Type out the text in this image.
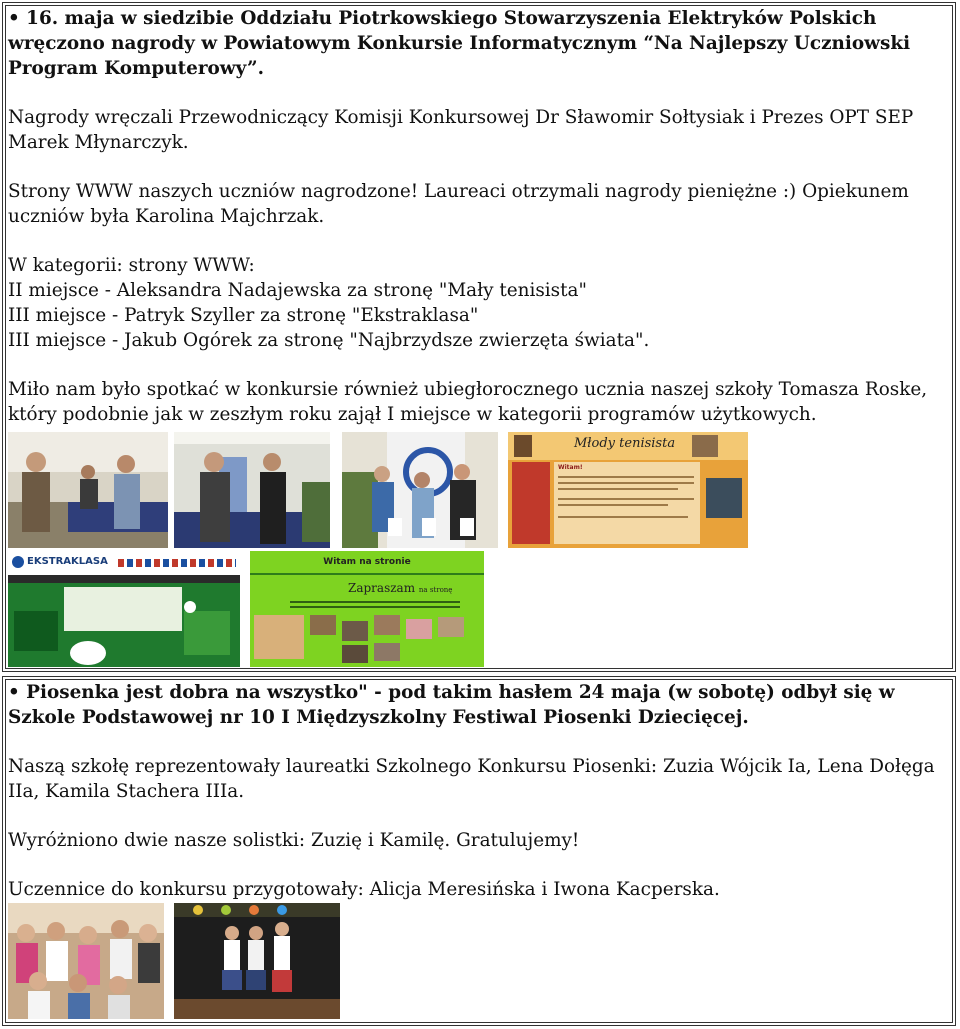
• 16. maja w siedzibie Oddziału Piotrkowskiego Stowarzyszenia Elektryków Polskich wręczono nagrody w Powiatowym Konkursie Informatycznym “Na Najlepszy Uczniowski Program Komputerowy”.

Nagrody wręczali Przewodniczący Komisji Konkursowej Dr Sławomir Sołtysiak i Prezes OPT SEP Marek Młynarczyk.

Strony WWW naszych uczniów nagrodzone! Laureaci otrzymali nagrody pieniężne :) Opiekunem uczniów była Karolina Majchrzak.

W kategorii: strony WWW:
II miejsce - Aleksandra Nadajewska za stronę "Mały tenisista"
III miejsce - Patryk Szyller za stronę "Ekstraklasa"
III miejsce - Jakub Ogórek za stronę "Najbrzydsze zwierzęta świata".

Miło nam było spotkać w konkursie również ubiegłorocznego ucznia naszej szkoły Tomasza Roske, który podobnie jak w zeszłym roku zajął I miejsce w kategorii programów użytkowych.

Młody tenisista
Witam!
EKSTRAKLASA	Witam na stronie
Zapraszam na stronę

• Piosenka jest dobra na wszystko" - pod takim hasłem 24 maja (w sobotę) odbył się w Szkole Podstawowej nr 10 I Międzyszkolny Festiwal Piosenki Dziecięcej.

Naszą szkołę reprezentowały laureatki Szkolnego Konkursu Piosenki: Zuzia Wójcik Ia, Lena Dołęga IIa, Kamila Stachera IIIa.

Wyróżniono dwie nasze solistki: Zuzię i Kamilę. Gratulujemy!

Uczennice do konkursu przygotowały: Alicja Meresińska i Iwona Kacperska.
